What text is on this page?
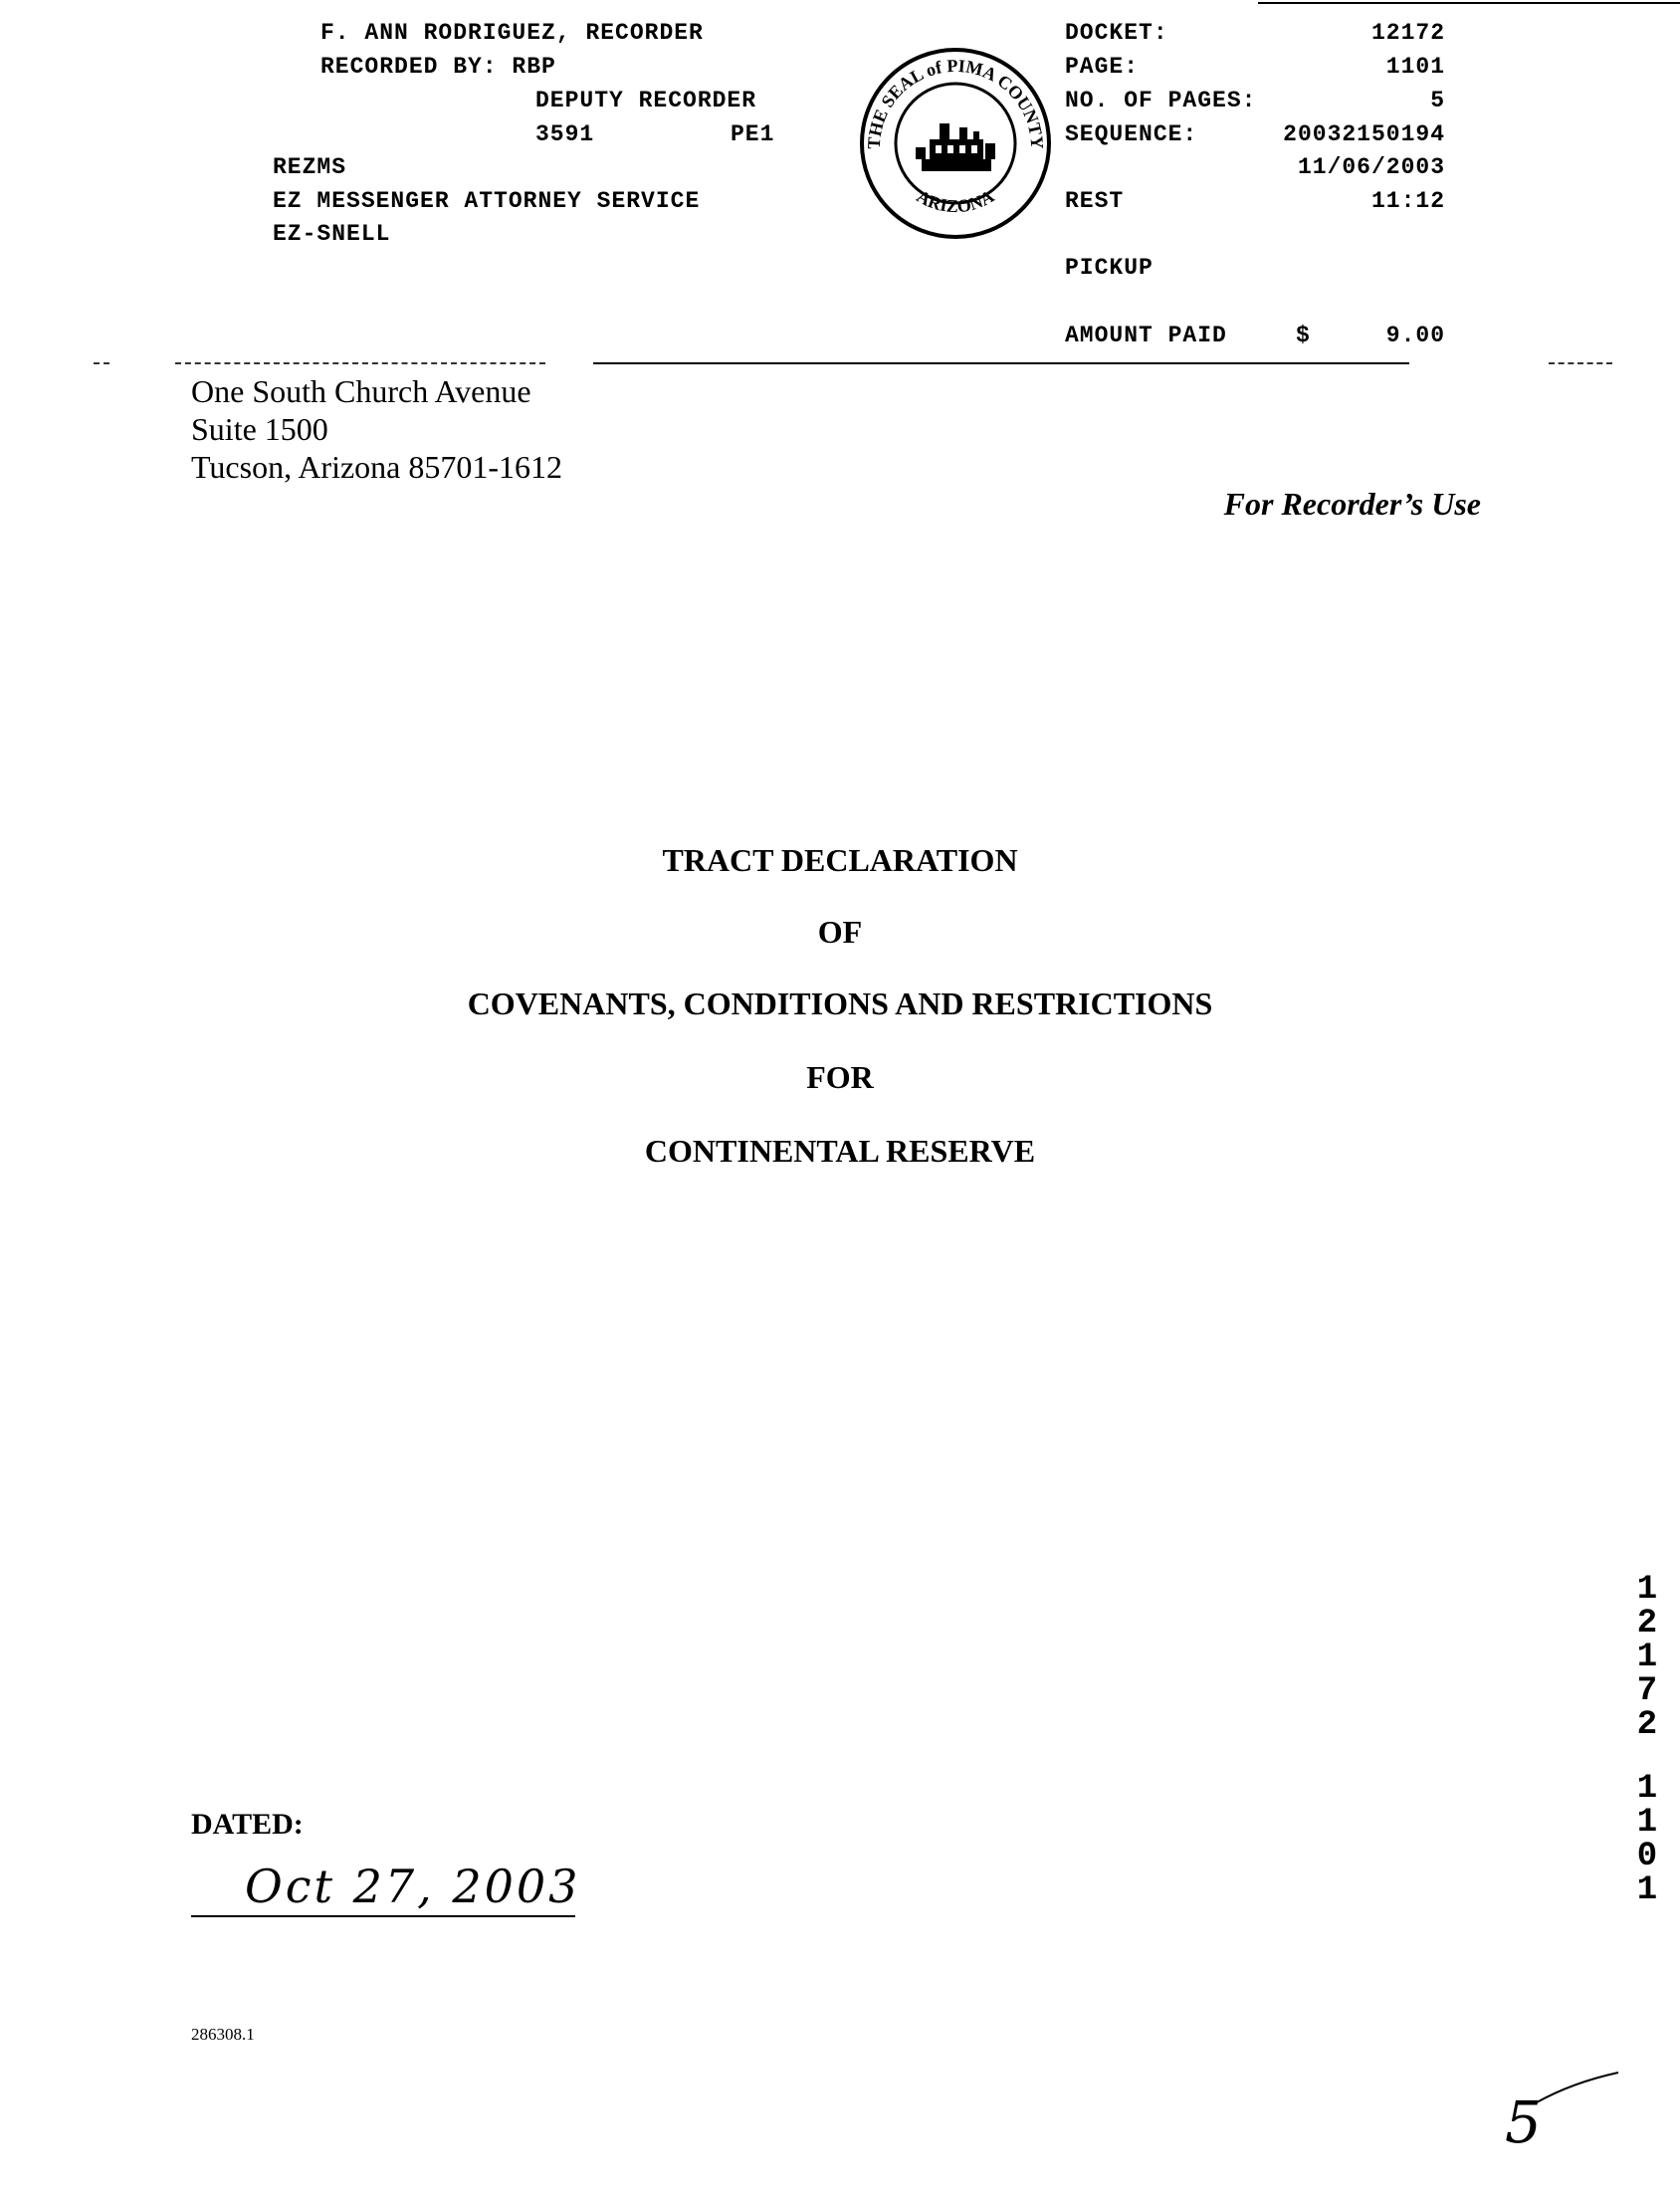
F. ANN RODRIGUEZ, RECORDER
RECORDED BY: RBP
DEPUTY RECORDER
3591	PE1
REZMS
EZ MESSENGER ATTORNEY SERVICE
EZ-SNELL
THE SEAL of PIMA COUNTY
ARIZONA
DOCKET:	12172
PAGE:	1101
NO. OF PAGES:	5
SEQUENCE:	20032150194
11/06/2003
REST	11:12
PICKUP
AMOUNT PAID	$	9.00
One South Church Avenue
Suite 1500
Tucson, Arizona 85701-1612
For Recorder’s Use
TRACT DECLARATION
OF
COVENANTS, CONDITIONS AND RESTRICTIONS
FOR
CONTINENTAL RESERVE
DATED:
Oct 27, 2003
286308.1
1
2
1
7
2
1
1
0
1
5
